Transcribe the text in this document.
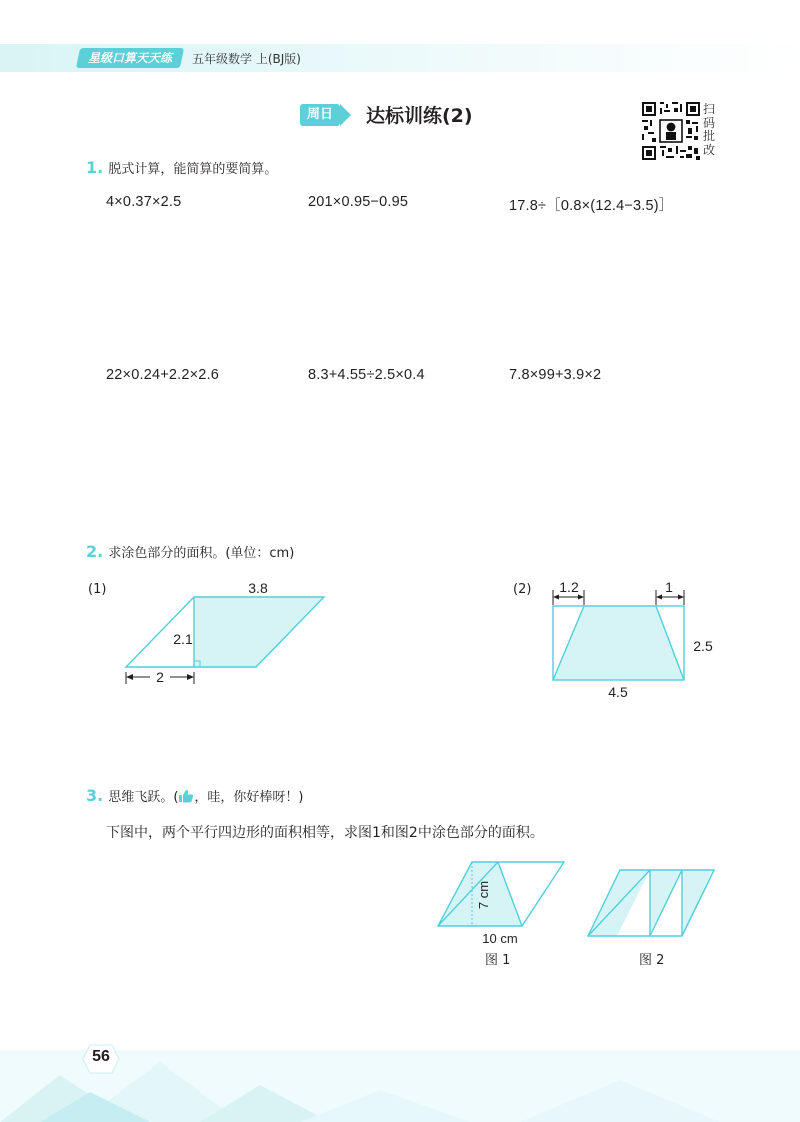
星级口算天天练	五年级数学 上(BJ版)
周日	达标训练(2)	扫
码
批
改
1. 脱式计算，能简算的要简算。
4×0.37×2.5	201×0.95−0.95	17.8÷［0.8×(12.4−3.5)］
22×0.24+2.2×2.6	8.3+4.55÷2.5×0.4	7.8×99+3.9×2
2. 求涂色部分的面积。(单位：cm)
(1)	3.8
2.1
2
(2) 1.2	1
2.5
4.5
3. 思维飞跃。( ，哇，你好棒呀！)
下图中，两个平行四边形的面积相等，求图1和图2中涂色部分的面积。
7 cm
10 cm
图 1	图 2
56
